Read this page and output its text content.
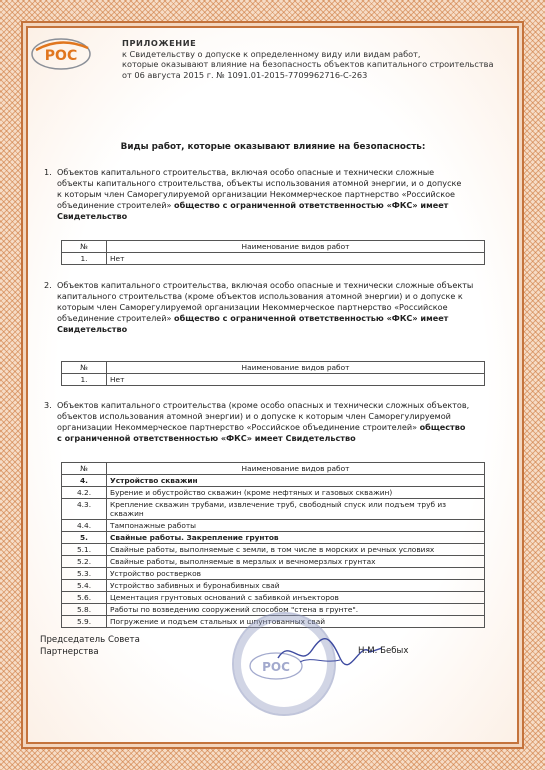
РОС
ПРИЛОЖЕНИЕ
к Свидетельству о допуске к определенному виду или видам работ,
которые оказывают влияние на безопасность объектов капитального строительства
от 06 августа 2015 г. № 1091.01-2015-7709962716-С-263
Виды работ, которые оказывают влияние на безопасность:
1. Объектов капитального строительства, включая особо опасные и технически сложные
объекты капитального строительства, объекты использования атомной энергии, и о допуске
к которым член Саморегулируемой организации Некоммерческое партнерство «Российское
объединение строителей» общество с ограниченной ответственностью «ФКС» имеет
Свидетельство
№	Наименование видов работ
1.	Нет
2. Объектов капитального строительства, включая особо опасные и технически сложные объекты
капитального строительства (кроме объектов использования атомной энергии) и о допуске к
которым член Саморегулируемой организации Некоммерческое партнерство «Российское
объединение строителей» общество с ограниченной ответственностью «ФКС» имеет
Свидетельство
№	Наименование видов работ
1.	Нет
3. Объектов капитального строительства (кроме особо опасных и технически сложных объектов,
объектов использования атомной энергии) и о допуске к которым член Саморегулируемой
организации Некоммерческое партнерство «Российское объединение строителей» общество
с ограниченной ответственностью «ФКС» имеет Свидетельство
№	Наименование видов работ
4.	Устройство скважин
4.2.	Бурение и обустройство скважин (кроме нефтяных и газовых скважин)
4.3.	Крепление скважин трубами, извлечение труб, свободный спуск или подъем труб из скважин
4.4.	Тампонажные работы
5.	Свайные работы. Закрепление грунтов
5.1.	Свайные работы, выполняемые с земли, в том числе в морских и речных условиях
5.2.	Свайные работы, выполняемые в мерзлых и вечномерзлых грунтах
5.3.	Устройство ростверков
5.4.	Устройство забивных и буронабивных свай
5.6.	Цементация грунтовых оснований с забивкой инъекторов
5.8.	Работы по возведению сооружений способом "стена в грунте".
5.9.	Погружение и подъем стальных и шпунтованных свай
РОС
Председатель Совета
Партнерства	Н.М. Бебых
